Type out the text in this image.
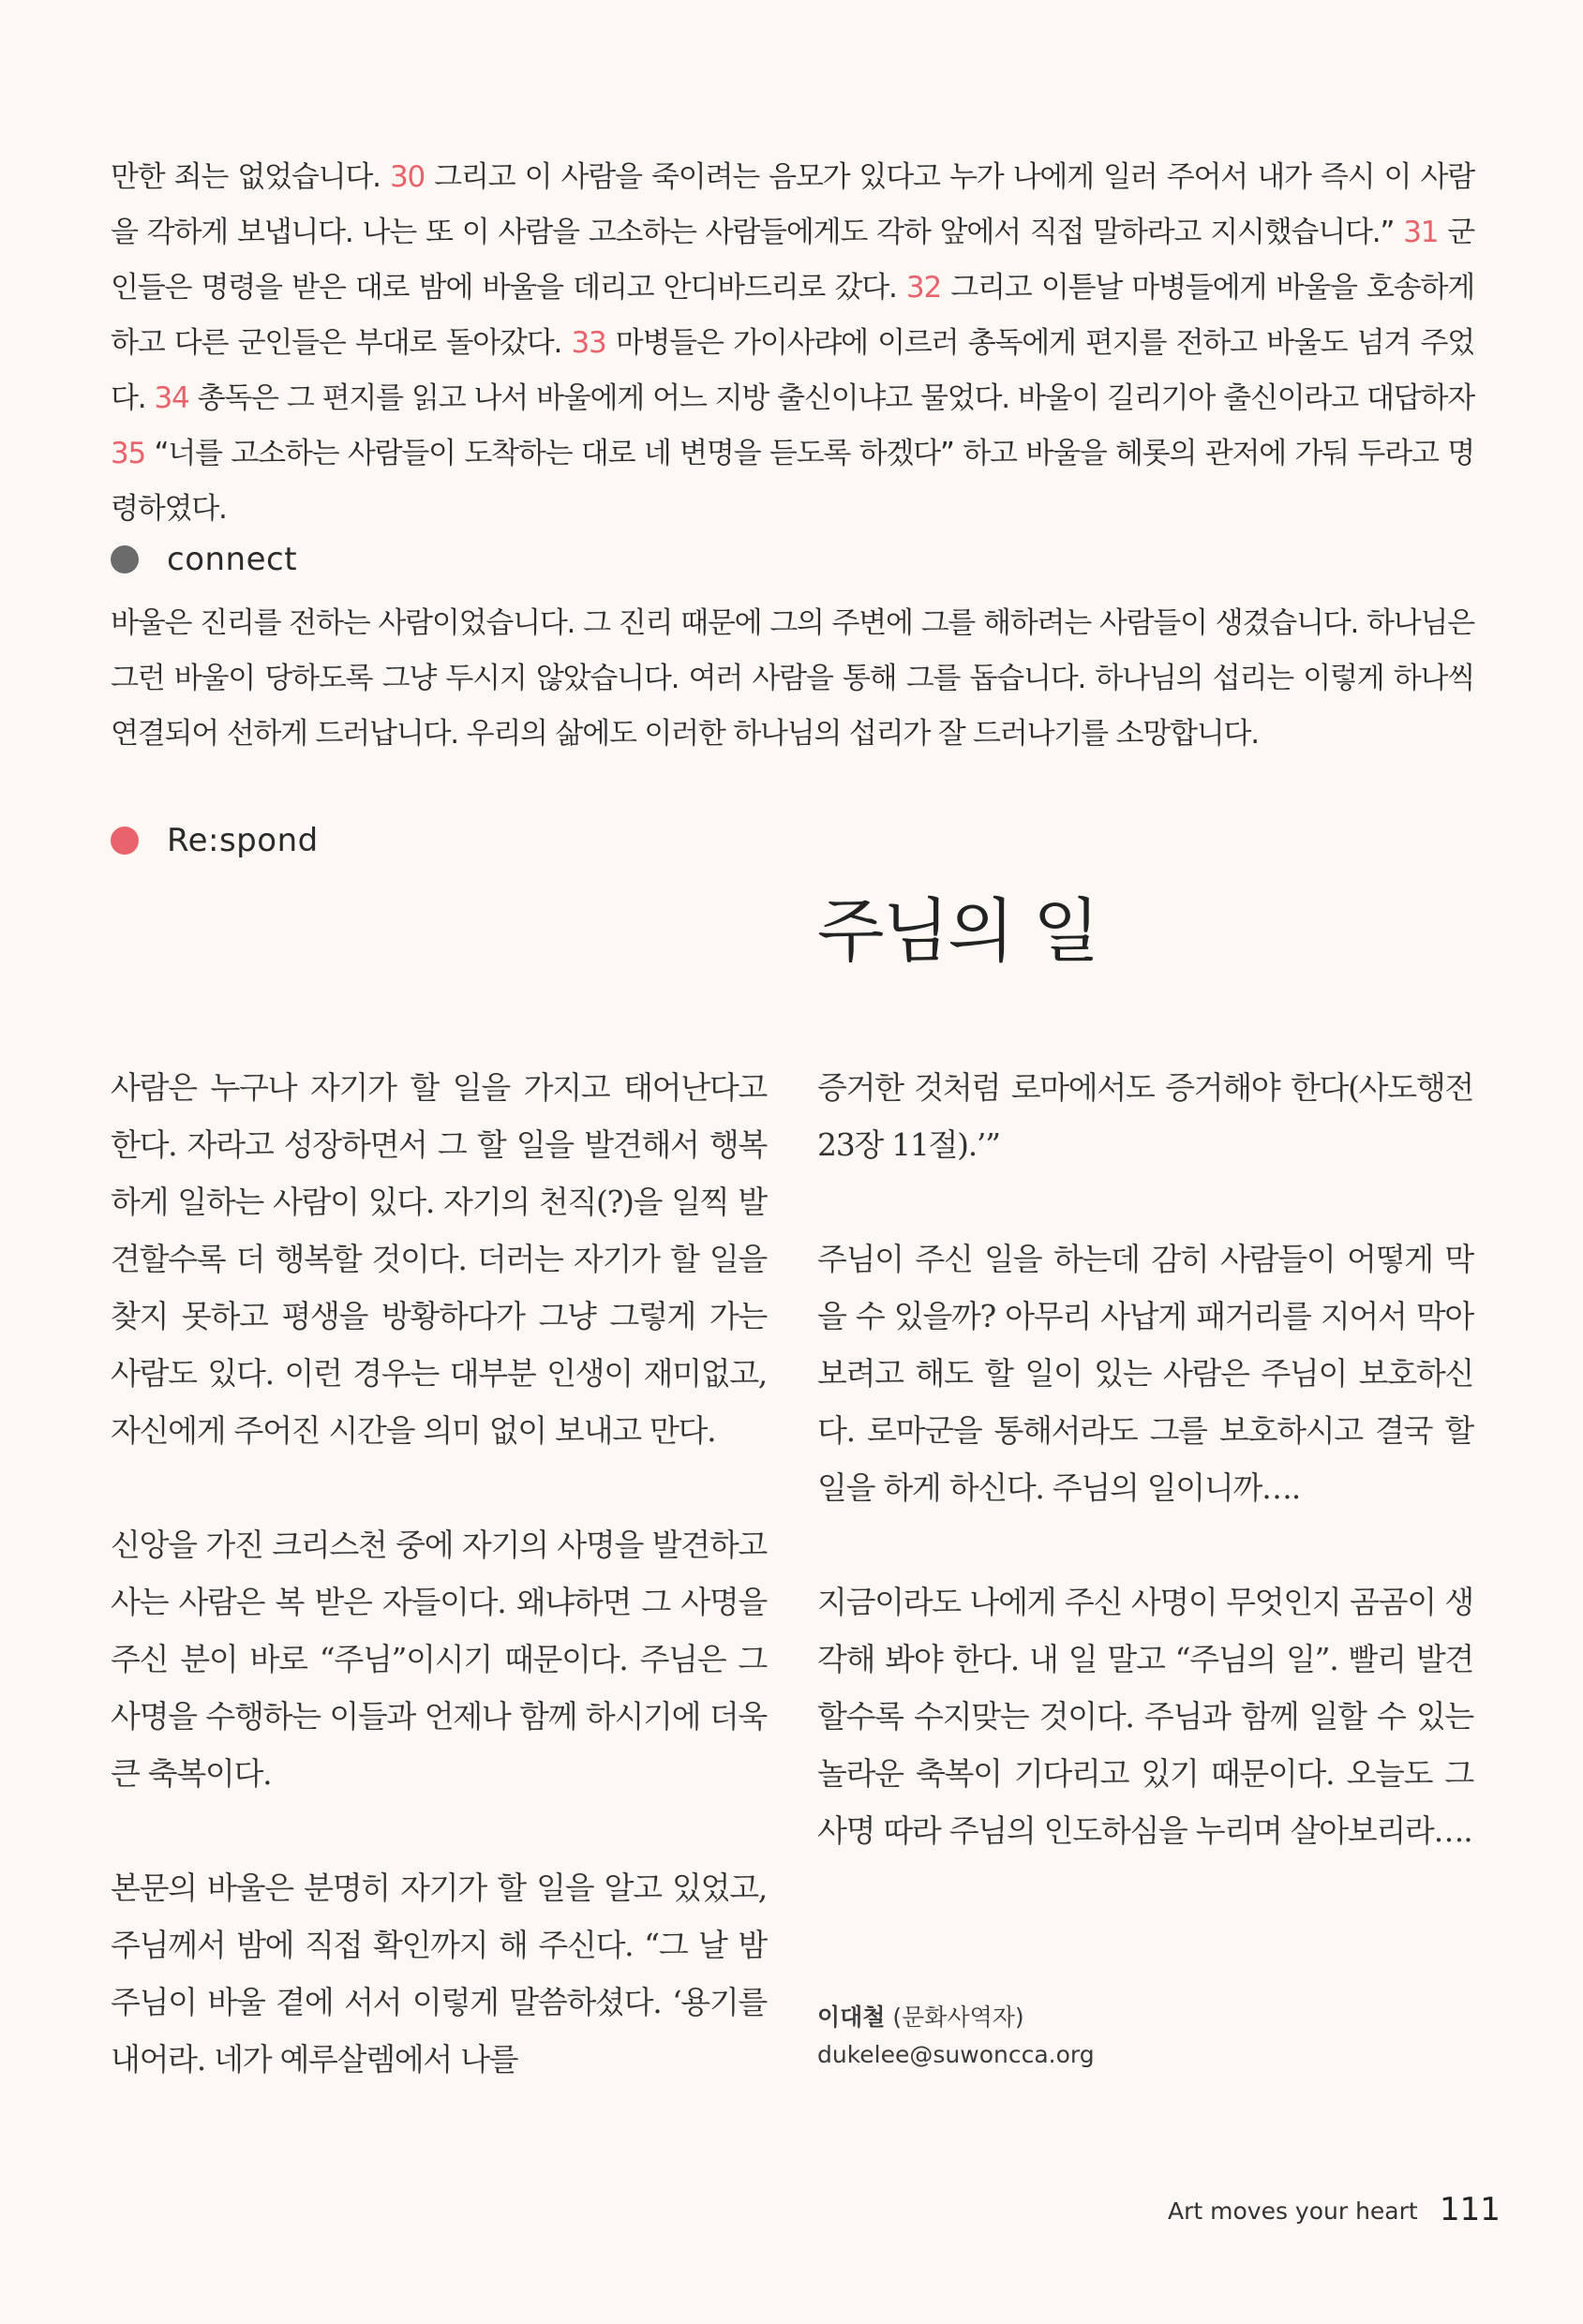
만한 죄는 없었습니다. 30 그리고 이 사람을 죽이려는 음모가 있다고 누가 나에게 일러 주어서 내가 즉시 이 사람을 각하게 보냅니다. 나는 또 이 사람을 고소하는 사람들에게도 각하 앞에서 직접 말하라고 지시했습니다.” 31 군인들은 명령을 받은 대로 밤에 바울을 데리고 안디바드리로 갔다. 32 그리고 이튿날 마병들에게 바울을 호송하게 하고 다른 군인들은 부대로 돌아갔다. 33 마병들은 가이사랴에 이르러 총독에게 편지를 전하고 바울도 넘겨 주었다. 34 총독은 그 편지를 읽고 나서 바울에게 어느 지방 출신이냐고 물었다. 바울이 길리기아 출신이라고 대답하자 35 “너를 고소하는 사람들이 도착하는 대로 네 변명을 듣도록 하겠다” 하고 바울을 헤롯의 관저에 가둬 두라고 명령하였다.
connect
바울은 진리를 전하는 사람이었습니다. 그 진리 때문에 그의 주변에 그를 해하려는 사람들이 생겼습니다. 하나님은 그런 바울이 당하도록 그냥 두시지 않았습니다. 여러 사람을 통해 그를 돕습니다. 하나님의 섭리는 이렇게 하나씩 연결되어 선하게 드러납니다. 우리의 삶에도 이러한 하나님의 섭리가 잘 드러나기를 소망합니다.
Re:spond
주님의 일

사람은 누구나 자기가 할 일을 가지고 태어난다고 한다. 자라고 성장하면서 그 할 일을 발견해서 행복하게 일하는 사람이 있다. 자기의 천직(?)을 일찍 발견할수록 더 행복할 것이다. 더러는 자기가 할 일을 찾지 못하고 평생을 방황하다가 그냥 그렇게 가는 사람도 있다. 이런 경우는 대부분 인생이 재미없고, 자신에게 주어진 시간을 의미 없이 보내고 만다.

신앙을 가진 크리스천 중에 자기의 사명을 발견하고 사는 사람은 복 받은 자들이다. 왜냐하면 그 사명을 주신 분이 바로 “주님”이시기 때문이다. 주님은 그 사명을 수행하는 이들과 언제나 함께 하시기에 더욱 큰 축복이다.

본문의 바울은 분명히 자기가 할 일을 알고 있었고, 주님께서 밤에 직접 확인까지 해 주신다. “그 날 밤 주님이 바울 곁에 서서 이렇게 말씀하셨다. ‘용기를 내어라. 네가 예루살렘에서 나를

증거한 것처럼 로마에서도 증거해야 한다(사도행전 23장 11절).’”

주님이 주신 일을 하는데 감히 사람들이 어떻게 막을 수 있을까? 아무리 사납게 패거리를 지어서 막아보려고 해도 할 일이 있는 사람은 주님이 보호하신다. 로마군을 통해서라도 그를 보호하시고 결국 할 일을 하게 하신다. 주님의 일이니까….

지금이라도 나에게 주신 사명이 무엇인지 곰곰이 생각해 봐야 한다. 내 일 말고 “주님의 일”. 빨리 발견할수록 수지맞는 것이다. 주님과 함께 일할 수 있는 놀라운 축복이 기다리고 있기 때문이다. 오늘도 그 사명 따라 주님의 인도하심을 누리며 살아보리라….

이대철 (문화사역자)
dukelee@suwoncca.org
Art moves your heart 111
